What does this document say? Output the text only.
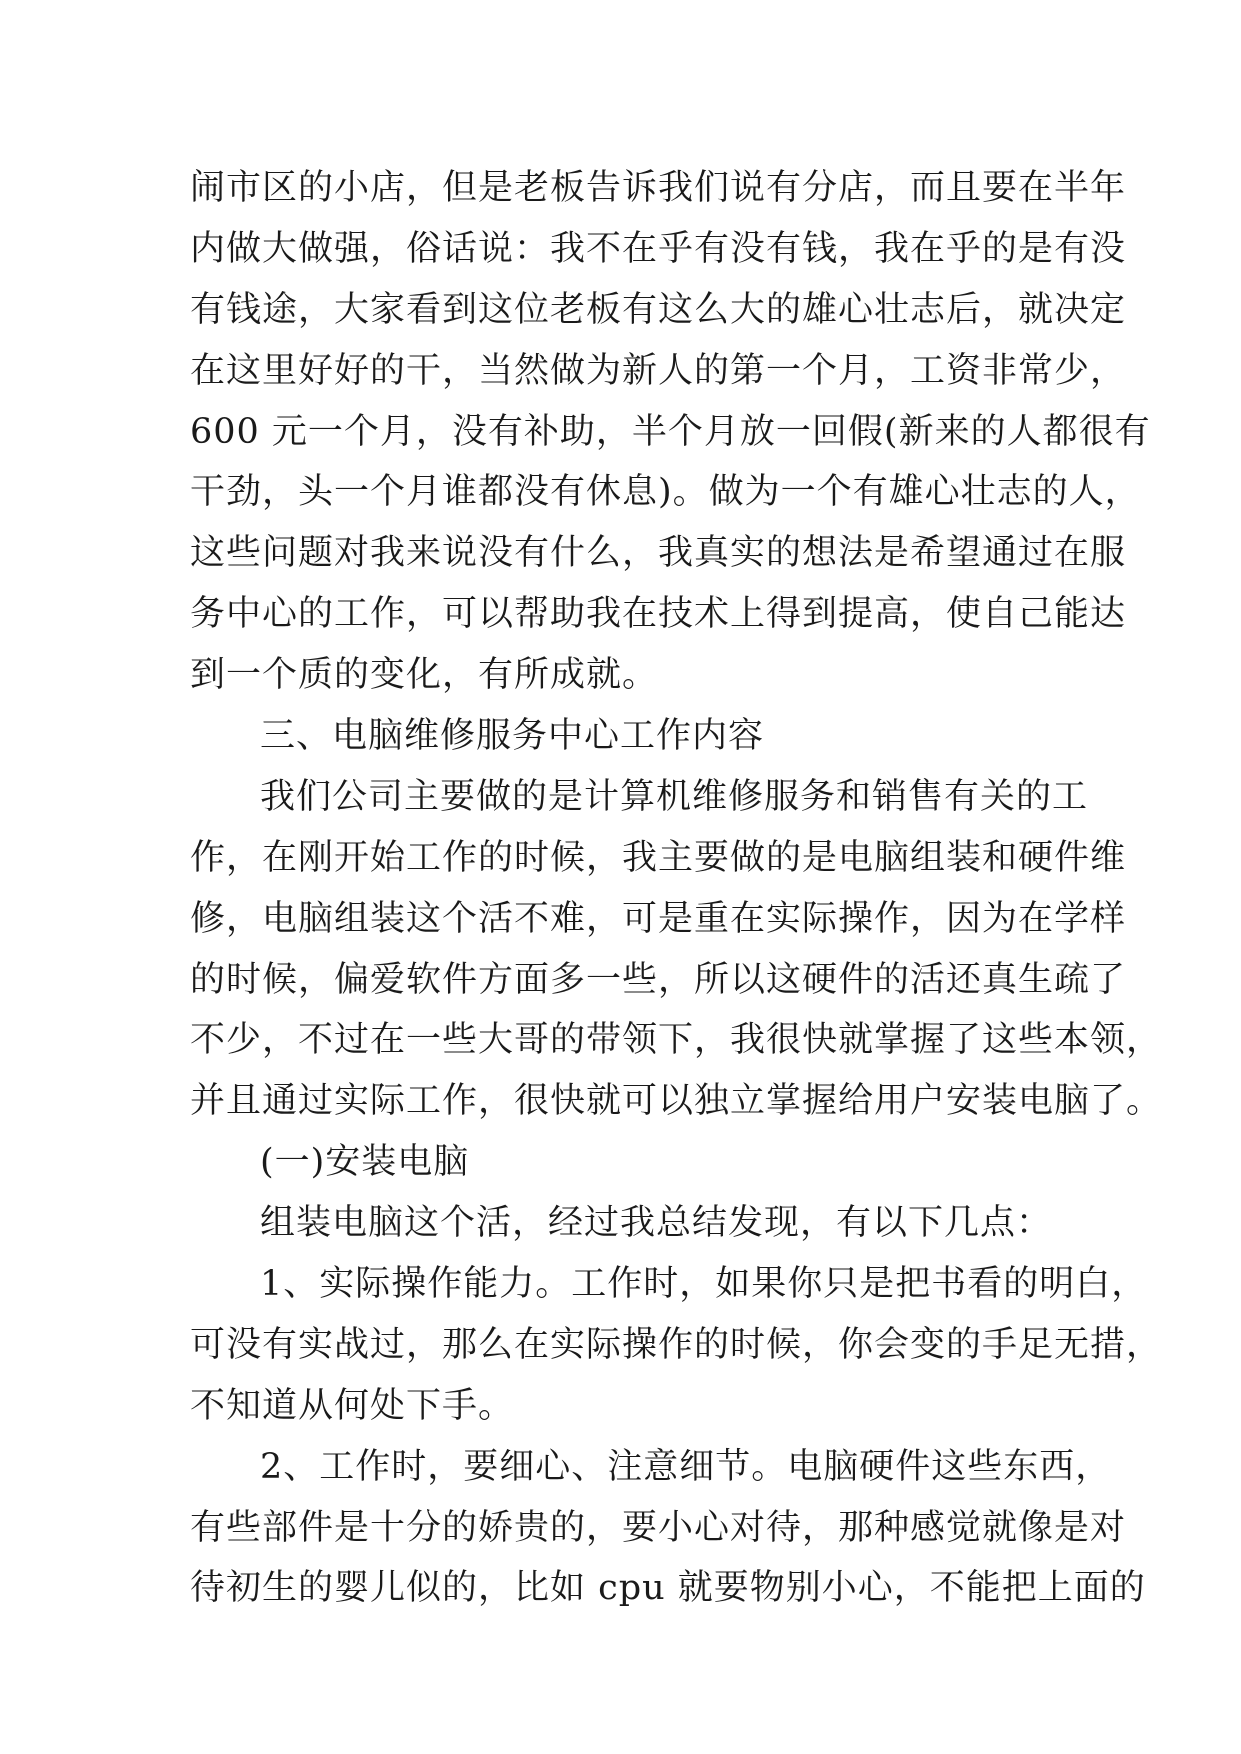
闹市区的小店，但是老板告诉我们说有分店，而且要在半年
内做大做强，俗话说：我不在乎有没有钱，我在乎的是有没
有钱途，大家看到这位老板有这么大的雄心壮志后，就决定
在这里好好的干，当然做为新人的第一个月，工资非常少，
600 元一个月，没有补助，半个月放一回假(新来的人都很有
干劲，头一个月谁都没有休息)。做为一个有雄心壮志的人，
这些问题对我来说没有什么，我真实的想法是希望通过在服
务中心的工作，可以帮助我在技术上得到提高，使自己能达
到一个质的变化，有所成就。
三、电脑维修服务中心工作内容
我们公司主要做的是计算机维修服务和销售有关的工
作，在刚开始工作的时候，我主要做的是电脑组装和硬件维
修，电脑组装这个活不难，可是重在实际操作，因为在学样
的时候，偏爱软件方面多一些，所以这硬件的活还真生疏了
不少，不过在一些大哥的带领下，我很快就掌握了这些本领，
并且通过实际工作，很快就可以独立掌握给用户安装电脑了。
(一)安装电脑
组装电脑这个活，经过我总结发现，有以下几点：
1、实际操作能力。工作时，如果你只是把书看的明白，
可没有实战过，那么在实际操作的时候，你会变的手足无措，
不知道从何处下手。
2、工作时，要细心、注意细节。电脑硬件这些东西，
有些部件是十分的娇贵的，要小心对待，那种感觉就像是对
待初生的婴儿似的，比如 cpu 就要物别小心，不能把上面的
